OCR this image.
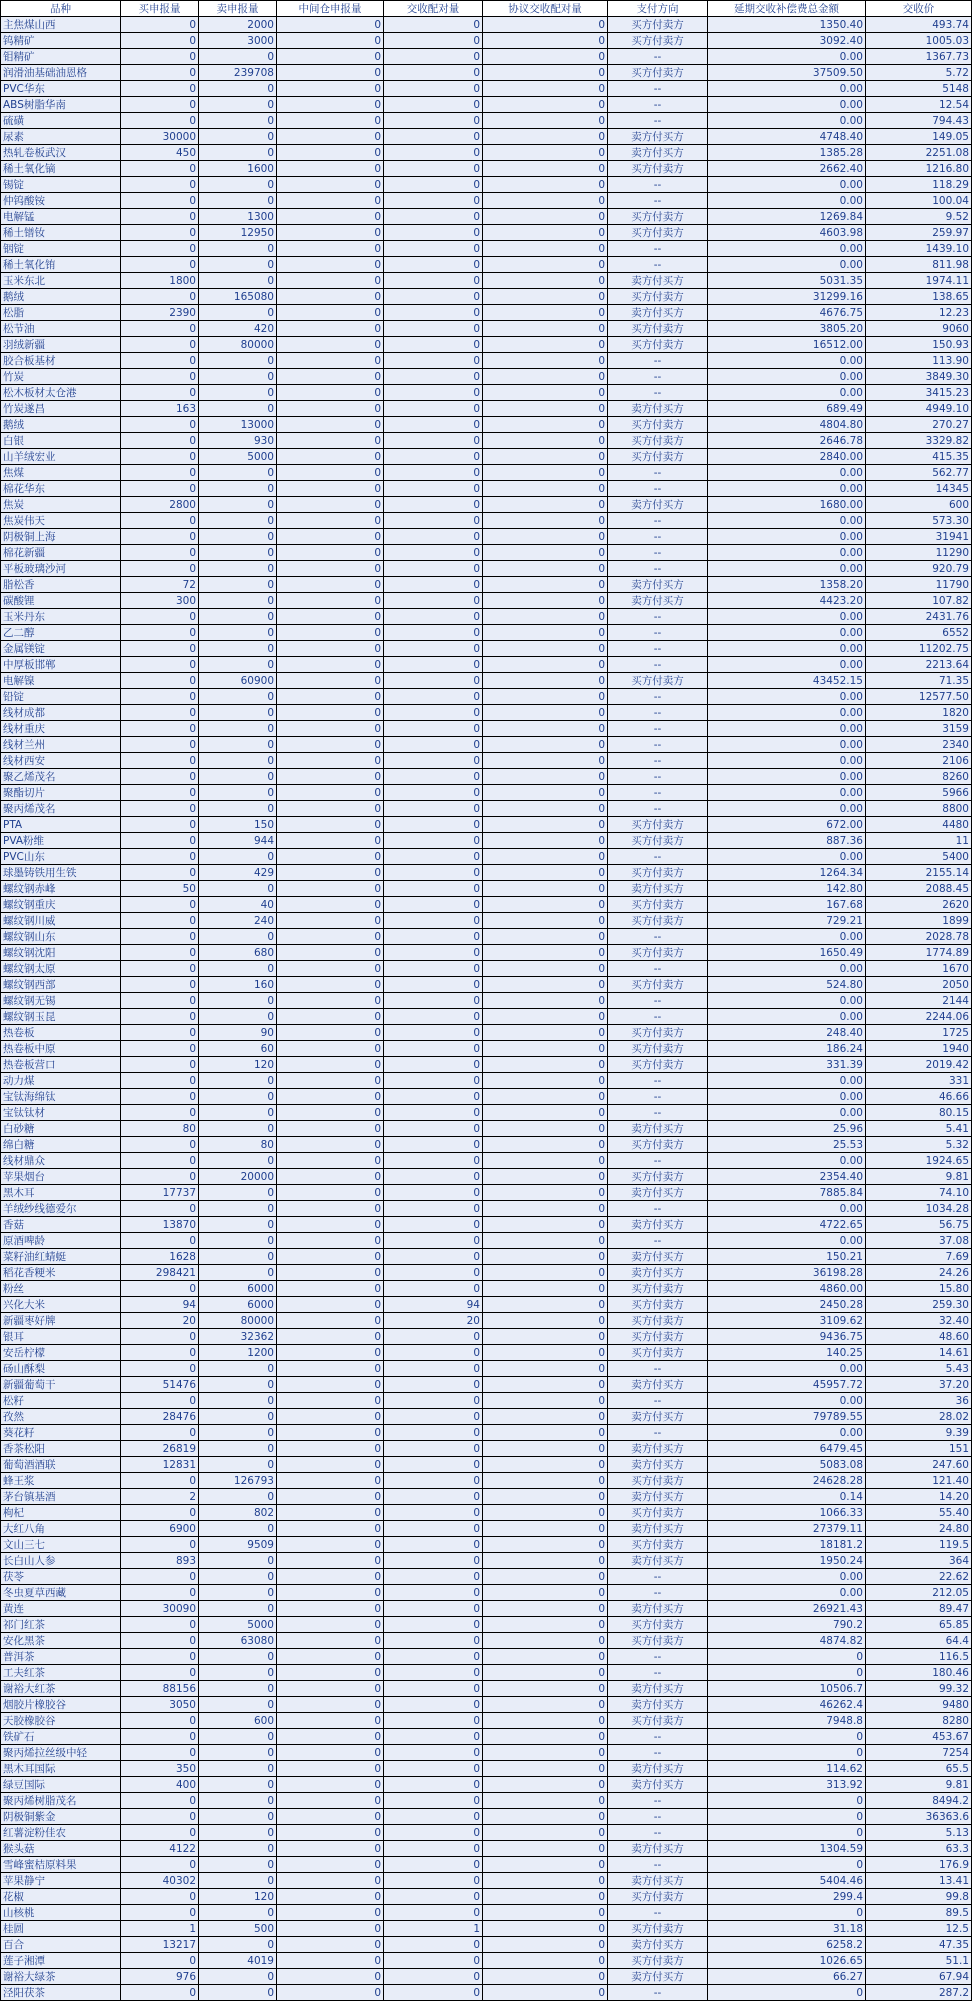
品种	买申报量	卖申报量	中间仓申报量	交收配对量	协议交收配对量	支付方向	延期交收补偿费总金额	交收价
主焦煤山西	0	2000	0	0	0	买方付卖方	1350.40	493.74
钨精矿	0	3000	0	0	0	买方付卖方	3092.40	1005.03
钼精矿	0	0	0	0	0	--	0.00	1367.73
润滑油基础油恩格	0	239708	0	0	0	买方付卖方	37509.50	5.72
PVC华东	0	0	0	0	0	--	0.00	5148
ABS树脂华南	0	0	0	0	0	--	0.00	12.54
硫磺	0	0	0	0	0	--	0.00	794.43
尿素	30000	0	0	0	0	卖方付买方	4748.40	149.05
热轧卷板武汉	450	0	0	0	0	卖方付买方	1385.28	2251.08
稀土氧化镝	0	1600	0	0	0	买方付卖方	2662.40	1216.80
锡锭	0	0	0	0	0	--	0.00	118.29
仲钨酸铵	0	0	0	0	0	--	0.00	100.04
电解锰	0	1300	0	0	0	买方付卖方	1269.84	9.52
稀土镨钕	0	12950	0	0	0	买方付卖方	4603.98	259.97
铟锭	0	0	0	0	0	--	0.00	1439.10
稀土氧化铕	0	0	0	0	0	--	0.00	811.98
玉米东北	1800	0	0	0	0	卖方付买方	5031.35	1974.11
鹅绒	0	165080	0	0	0	买方付卖方	31299.16	138.65
松脂	2390	0	0	0	0	卖方付买方	4676.75	12.23
松节油	0	420	0	0	0	买方付卖方	3805.20	9060
羽绒新疆	0	80000	0	0	0	买方付卖方	16512.00	150.93
胶合板基材	0	0	0	0	0	--	0.00	113.90
竹炭	0	0	0	0	0	--	0.00	3849.30
松木板材太仓港	0	0	0	0	0	--	0.00	3415.23
竹炭遂昌	163	0	0	0	0	卖方付买方	689.49	4949.10
鹅绒	0	13000	0	0	0	买方付卖方	4804.80	270.27
白银	0	930	0	0	0	买方付卖方	2646.78	3329.82
山羊绒宏业	0	5000	0	0	0	买方付卖方	2840.00	415.35
焦煤	0	0	0	0	0	--	0.00	562.77
棉花华东	0	0	0	0	0	--	0.00	14345
焦炭	2800	0	0	0	0	卖方付买方	1680.00	600
焦炭伟天	0	0	0	0	0	--	0.00	573.30
阴极铜上海	0	0	0	0	0	--	0.00	31941
棉花新疆	0	0	0	0	0	--	0.00	11290
平板玻璃沙河	0	0	0	0	0	--	0.00	920.79
脂松香	72	0	0	0	0	卖方付买方	1358.20	11790
碳酸锂	300	0	0	0	0	卖方付买方	4423.20	107.82
玉米丹东	0	0	0	0	0	--	0.00	2431.76
乙二醇	0	0	0	0	0	--	0.00	6552
金属镁锭	0	0	0	0	0	--	0.00	11202.75
中厚板邯郸	0	0	0	0	0	--	0.00	2213.64
电解镍	0	60900	0	0	0	买方付卖方	43452.15	71.35
铅锭	0	0	0	0	0	--	0.00	12577.50
线材成都	0	0	0	0	0	--	0.00	1820
线材重庆	0	0	0	0	0	--	0.00	3159
线材兰州	0	0	0	0	0	--	0.00	2340
线材西安	0	0	0	0	0	--	0.00	2106
聚乙烯茂名	0	0	0	0	0	--	0.00	8260
聚酯切片	0	0	0	0	0	--	0.00	5966
聚丙烯茂名	0	0	0	0	0	--	0.00	8800
PTA	0	150	0	0	0	买方付卖方	672.00	4480
PVA粉维	0	944	0	0	0	买方付卖方	887.36	11
PVC山东	0	0	0	0	0	--	0.00	5400
球墨铸铁用生铁	0	429	0	0	0	买方付卖方	1264.34	2155.14
螺纹钢赤峰	50	0	0	0	0	卖方付买方	142.80	2088.45
螺纹钢重庆	0	40	0	0	0	买方付卖方	167.68	2620
螺纹钢川威	0	240	0	0	0	买方付卖方	729.21	1899
螺纹钢山东	0	0	0	0	0	--	0.00	2028.78
螺纹钢沈阳	0	680	0	0	0	买方付卖方	1650.49	1774.89
螺纹钢太原	0	0	0	0	0	--	0.00	1670
螺纹钢西部	0	160	0	0	0	买方付卖方	524.80	2050
螺纹钢无锡	0	0	0	0	0	--	0.00	2144
螺纹钢玉昆	0	0	0	0	0	--	0.00	2244.06
热卷板	0	90	0	0	0	买方付卖方	248.40	1725
热卷板中原	0	60	0	0	0	买方付卖方	186.24	1940
热卷板营口	0	120	0	0	0	买方付卖方	331.39	2019.42
动力煤	0	0	0	0	0	--	0.00	331
宝钛海绵钛	0	0	0	0	0	--	0.00	46.66
宝钛钛材	0	0	0	0	0	--	0.00	80.15
白砂糖	80	0	0	0	0	卖方付买方	25.96	5.41
绵白糖	0	80	0	0	0	买方付卖方	25.53	5.32
线材鼎众	0	0	0	0	0	--	0.00	1924.65
苹果烟台	0	20000	0	0	0	买方付卖方	2354.40	9.81
黑木耳	17737	0	0	0	0	卖方付买方	7885.84	74.10
羊绒纱线德爱尔	0	0	0	0	0	--	0.00	1034.28
香菇	13870	0	0	0	0	卖方付买方	4722.65	56.75
原酒啤龄	0	0	0	0	0	--	0.00	37.08
菜籽油红蜻蜓	1628	0	0	0	0	卖方付买方	150.21	7.69
稻花香粳米	298421	0	0	0	0	卖方付买方	36198.28	24.26
粉丝	0	6000	0	0	0	买方付卖方	4860.00	15.80
兴化大米	94	6000	0	94	0	买方付卖方	2450.28	259.30
新疆枣好牌	20	80000	0	20	0	买方付卖方	3109.62	32.40
银耳	0	32362	0	0	0	买方付卖方	9436.75	48.60
安岳柠檬	0	1200	0	0	0	买方付卖方	140.25	14.61
砀山酥梨	0	0	0	0	0	--	0.00	5.43
新疆葡萄干	51476	0	0	0	0	卖方付买方	45957.72	37.20
松籽	0	0	0	0	0	--	0.00	36
孜然	28476	0	0	0	0	卖方付买方	79789.55	28.02
葵花籽	0	0	0	0	0	--	0.00	9.39
香茶松阳	26819	0	0	0	0	卖方付买方	6479.45	151
葡萄酒酒联	12831	0	0	0	0	卖方付买方	5083.08	247.60
蜂王浆	0	126793	0	0	0	买方付卖方	24628.28	121.40
茅台镇基酒	2	0	0	0	0	卖方付买方	0.14	14.20
枸杞	0	802	0	0	0	买方付卖方	1066.33	55.40
大红八角	6900	0	0	0	0	卖方付买方	27379.11	24.80
文山三七	0	9509	0	0	0	买方付卖方	18181.2	119.5
长白山人参	893	0	0	0	0	卖方付买方	1950.24	364
茯苓	0	0	0	0	0	--	0.00	22.62
冬虫夏草西藏	0	0	0	0	0	--	0.00	212.05
黄连	30090	0	0	0	0	卖方付买方	26921.43	89.47
祁门红茶	0	5000	0	0	0	买方付卖方	790.2	65.85
安化黑茶	0	63080	0	0	0	买方付卖方	4874.82	64.4
普洱茶	0	0	0	0	0	--	0	116.5
工夫红茶	0	0	0	0	0	--	0	180.46
谢裕大红茶	88156	0	0	0	0	卖方付买方	10506.7	99.32
烟胶片橡胶谷	3050	0	0	0	0	卖方付买方	46262.4	9480
天胶橡胶谷	0	600	0	0	0	买方付卖方	7948.8	8280
铁矿石	0	0	0	0	0	--	0	453.67
聚丙烯拉丝级中轻	0	0	0	0	0	--	0	7254
黑木耳国际	350	0	0	0	0	卖方付买方	114.62	65.5
绿豆国际	400	0	0	0	0	卖方付买方	313.92	9.81
聚丙烯树脂茂名	0	0	0	0	0	--	0	8494.2
阴极铜紫金	0	0	0	0	0	--	0	36363.6
红薯淀粉佳农	0	0	0	0	0	--	0	5.13
猴头菇	4122	0	0	0	0	卖方付买方	1304.59	63.3
雪峰蜜桔原料果	0	0	0	0	0	--	0	176.9
苹果静宁	40302	0	0	0	0	卖方付买方	5404.46	13.41
花椒	0	120	0	0	0	买方付卖方	299.4	99.8
山核桃	0	0	0	0	0	--	0	89.5
桂圆	1	500	0	1	0	买方付卖方	31.18	12.5
百合	13217	0	0	0	0	卖方付买方	6258.2	47.35
莲子湘潭	0	4019	0	0	0	买方付卖方	1026.65	51.1
谢裕大绿茶	976	0	0	0	0	卖方付买方	66.27	67.94
泾阳茯茶	0	0	0	0	0	--	0	287.2
